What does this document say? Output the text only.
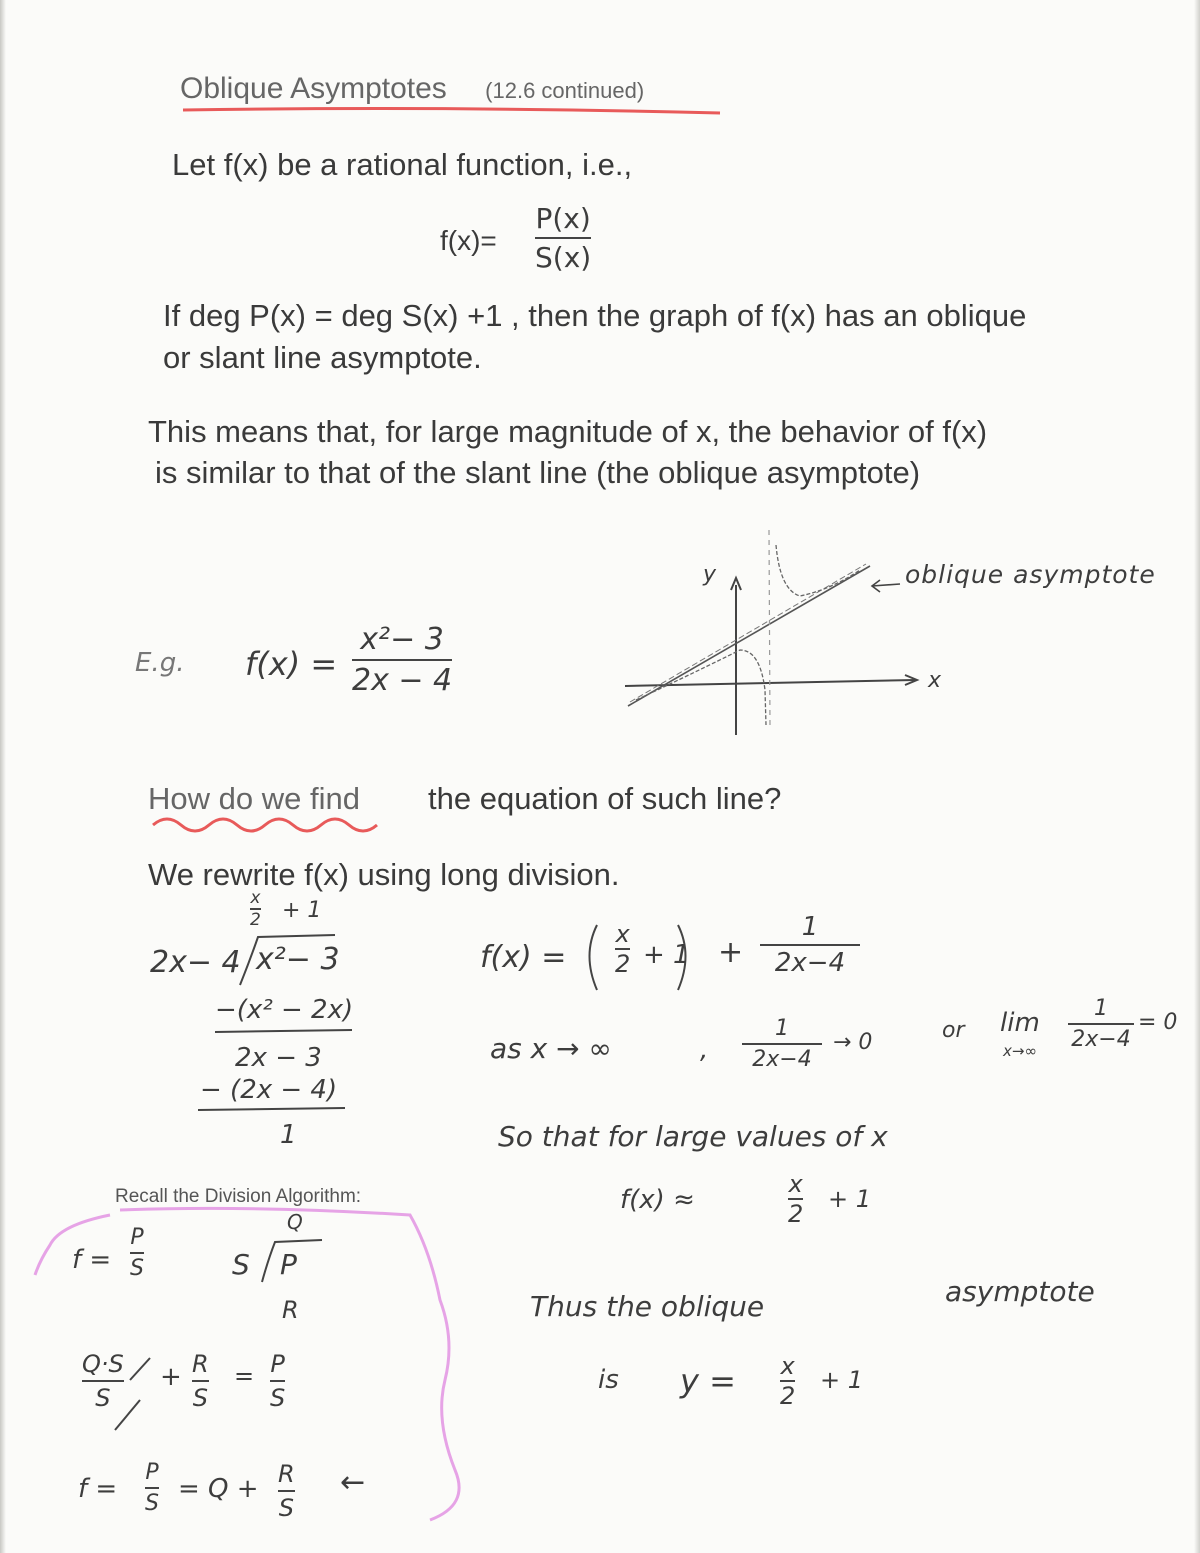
Oblique Asymptotes (12.6 continued)
Let f(x) be a rational function, i.e.,
f(x)=
P(x)
S(x)
If deg P(x) = deg S(x) +1 , then the graph of f(x) has an oblique
or slant line asymptote.
This means that, for large magnitude of x, the behavior of f(x)
is similar to that of the slant line (the oblique asymptote)
E.g. f(x) =
x²− 3
2x − 4
y
x
oblique asymptote
How do we find the equation of such line?
We rewrite f(x) using long division.
x
2 + 1
2x− 4 x²− 3
−(x² − 2x)
2x − 3
− (2x − 4)
1
f(x) =
x
2 + 1 +
1
2x−4
as x → ∞	,
1
2x−4
→ 0	or lim
x→∞
1
2x−4
= 0
So that for large values of x
f(x) ≈
x
2
+ 1
Thus the oblique	asymptote
is y = x
2
+ 1
Recall the Division Algorithm:
f =
P
S
Q
S P
R
Q·S
S
+ R
S
= P
S
f =
P
S = Q + R
S
←
